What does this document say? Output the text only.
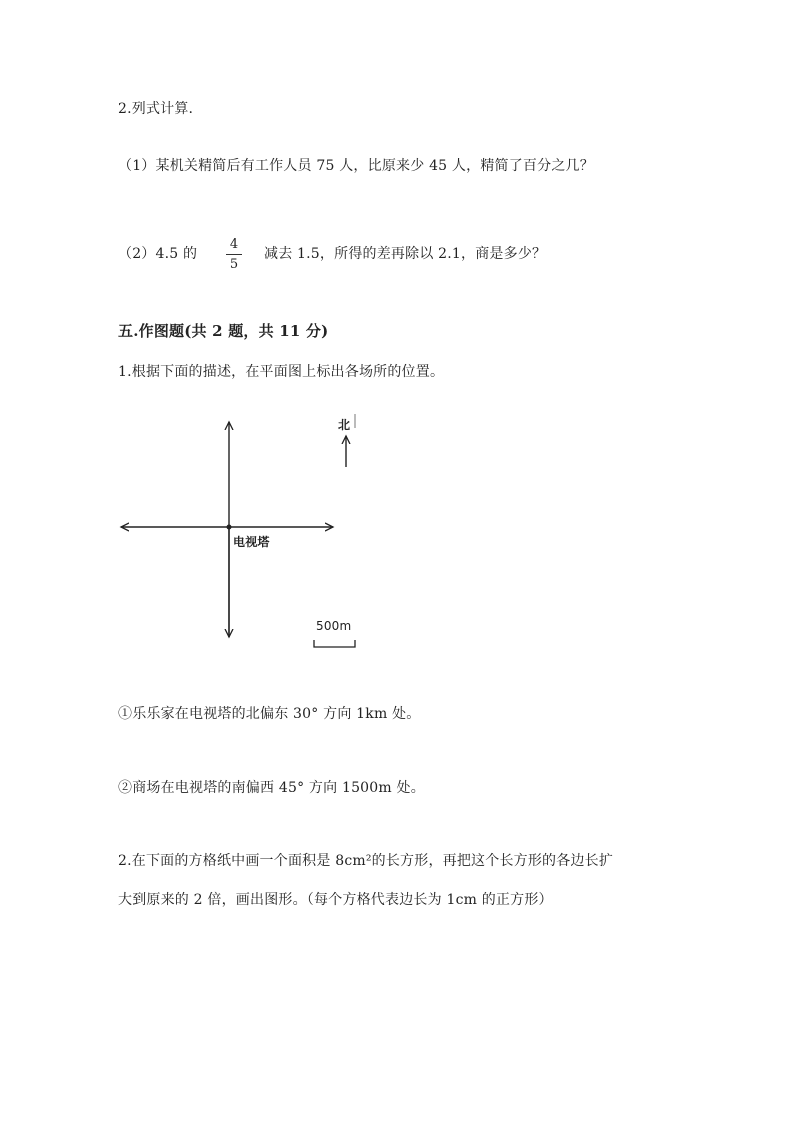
2.列式计算.
（1）某机关精简后有工作人员 75 人，比原来少 45 人，精简了百分之几？
（2）4.5 的
4
5
减去 1.5，所得的差再除以 2.1，商是多少？
五.作图题(共 2 题，共 11 分)
1.根据下面的描述，在平面图上标出各场所的位置。
北
电视塔
500m
①乐乐家在电视塔的北偏东 30° 方向 1km 处。
②商场在电视塔的南偏西 45° 方向 1500m 处。
2.在下面的方格纸中画一个面积是 8cm²的长方形，再把这个长方形的各边长扩
大到原来的 2 倍，画出图形。（每个方格代表边长为 1cm 的正方形）
